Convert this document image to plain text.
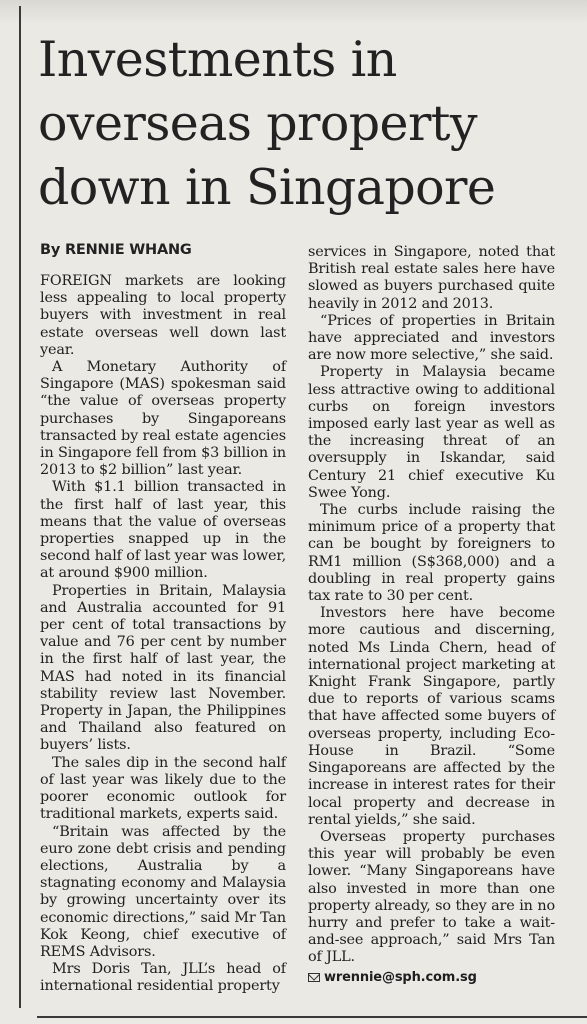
Investments in
overseas property
down in Singapore
By RENNIE WHANG

FOREIGN markets are looking less appealing to local property buyers with investment in real estate overseas well down last year.

A Monetary Authority of Singapore (MAS) spokesman said “the value of overseas property purchases by Singaporeans transacted by real estate agencies in Singapore fell from $3 billion in 2013 to $2 billion” last year.

With $1.1 billion transacted in the first half of last year, this means that the value of overseas properties snapped up in the second half of last year was lower, at around $900 million.

Properties in Britain, Malaysia and Australia accounted for 91 per cent of total transactions by value and 76 per cent by number in the first half of last year, the MAS had noted in its financial stability review last November. Property in Japan, the Philippines and Thailand also featured on buyers’ lists.

The sales dip in the second half of last year was likely due to the poorer economic outlook for traditional markets, experts said.

“Britain was affected by the euro zone debt crisis and pending elections, Australia by a stagnating economy and Malaysia by growing uncertainty over its economic directions,” said Mr Tan Kok Keong, chief executive of REMS Advisors.

Mrs Doris Tan, JLL’s head of international residential property

services in Singapore, noted that British real estate sales here have slowed as buyers purchased quite heavily in 2012 and 2013.

“Prices of properties in Britain have appreciated and investors are now more selective,” she said.

Property in Malaysia became less attractive owing to additional curbs on foreign investors imposed early last year as well as the increasing threat of an oversupply in Iskandar, said Century 21 chief executive Ku Swee Yong.

The curbs include raising the minimum price of a property that can be bought by foreigners to RM1 million (S$368,000) and a doubling in real property gains tax rate to 30 per cent.

Investors here have become more cautious and discerning, noted Ms Linda Chern, head of international project marketing at Knight Frank Singapore, partly due to reports of various scams that have affected some buyers of overseas property, including Eco-House in Brazil. “Some Singaporeans are affected by the increase in interest rates for their local property and decrease in rental yields,” she said.

Overseas property purchases this year will probably be even lower. “Many Singaporeans have also invested in more than one property already, so they are in no hurry and prefer to take a wait-and-see approach,” said Mrs Tan of JLL.

wrennie@sph.com.sg
